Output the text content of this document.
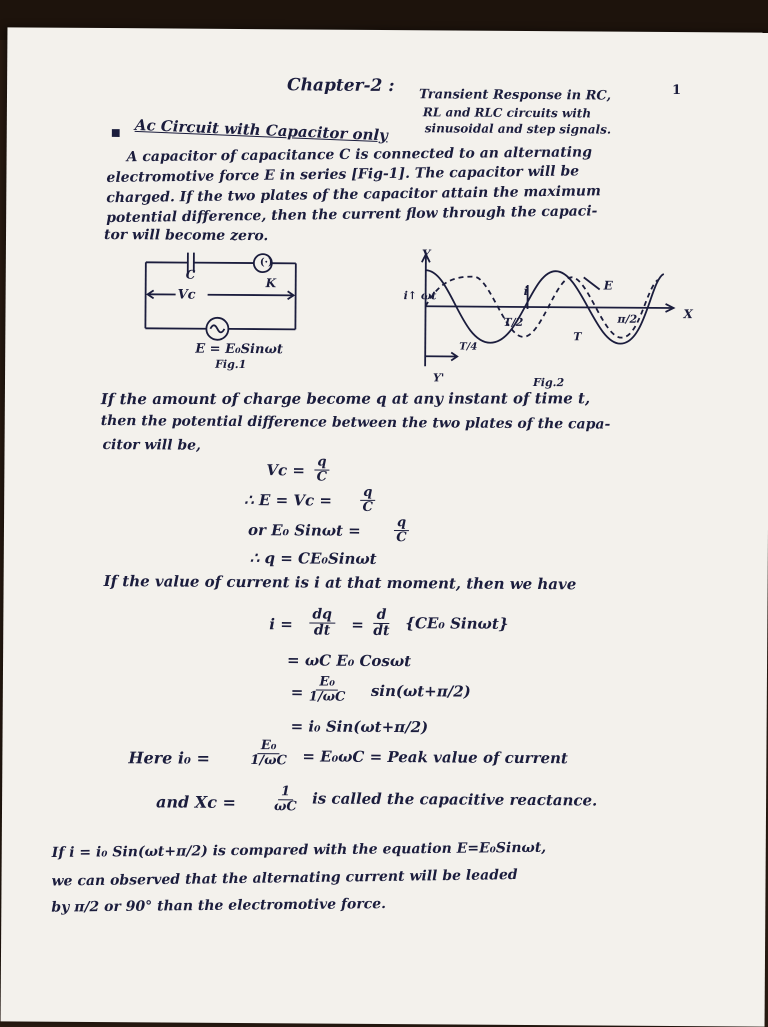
Chapter-2 : Transient Response in RC,
RL and RLC circuits with
sinusoidal and step signals.
1
◼ Ac Circuit with Capacitor only
A capacitor of capacitance C is connected to an alternating
electromotive force E in series [Fig-1]. The capacitor will be
charged. If the two plates of the capacitor attain the maximum
potential difference, then the current flow through the capaci-
tor will become zero.
C
(·)
K
Vc
E = E₀Sinωt
Fig.1
Y
i↑ ωt	i	E
π/2	X
T/2
T
T/4
Y'	Fig.2
If the amount of charge become q at any instant of time t,
then the potential difference between the two plates of the capa-
citor will be,
$Vc = \frac{q}{C}$
∴ $E = Vc = \frac{q}{C}$
or E₀ Sinωt =	$\frac{q}{C}$
∴ q = CE₀Sinωt
If the value of current is i at that moment, then we have
$i = \frac{dq}{dt} = \frac{d}{dt} \{CE_0$ Sinωt}
= ωC E₀ Cosωt
= $\frac{\text{E₀}}{1/\omega C} \sin(\omega t+\pi/2)$
= i₀ Sin(ωt+π/2)
Here i₀ =	$\frac{\text{E₀}}{1/\omega C} = E_0\omega C$ = Peak value of current
and Xc =	$\frac{1}{\omega C}$ is called the capacitive reactance.
If i = i₀ Sin(ωt+π/2) is compared with the equation E=E₀Sinωt,
we can observed that the alternating current will be leaded
by π/2 or 90° than the electromotive force.
